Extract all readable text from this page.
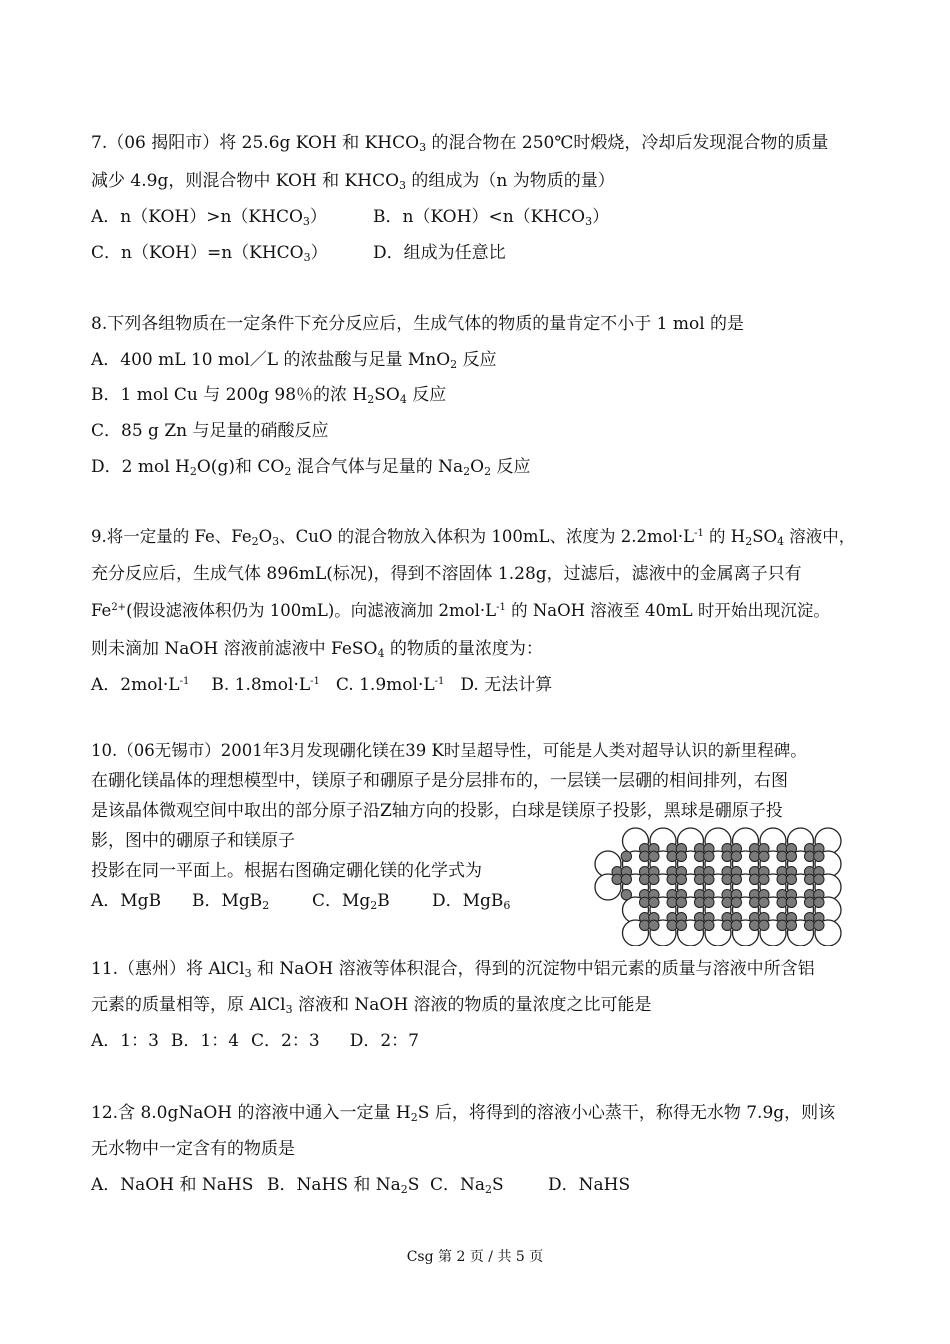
7.（06 揭阳市）将 25.6g KOH 和 $KHCO_3$ 的混合物在 250℃时煅烧，冷却后发现混合物的质量
减少 4.9g，则混合物中 KOH 和 $KHCO_3$ 的组成为（n 为物质的量）
A．$n(KOH)>n(KHCO_3)$	B．$n(KOH)<n(KHCO_3)$
C．$n(KOH)=n(KHCO_3)$	D．组成为任意比
8.下列各组物质在一定条件下充分反应后，生成气体的物质的量肯定不小于 1 mol 的是
A．400 mL 10 mol／L 的浓盐酸与足量 MnO$_2$ 反应
B．1 mol Cu 与 200g 98％的浓 $H_2SO_4$ 反应
C．85 g Zn 与足量的硝酸反应
D．2 mol $H_2O(g)$和 $CO_2$ 混合气体与足量的 $Na_2O_2$ 反应
9.将一定量的 Fe、$Fe_2O_3$、CuO 的混合物放入体积为 100mL、浓度为 $2.2mol\cdot L^{-1}$ 的 $H_2SO_4$ 溶液中，
充分反应后，生成气体 896mL(标况)，得到不溶固体 1.28g，过滤后，滤液中的金属离子只有
$Fe^{2+}$(假设滤液体积仍为 100mL)。向滤液滴加 $2mol\cdot L^{-1}$ 的 NaOH 溶液至 40mL 时开始出现沉淀。
则未滴加 NaOH 溶液前滤液中 FeSO$_4$ 的物质的量浓度为：
A．$2mol\cdot L^{-1}$ B. $1.8mol\cdot L^{-1}$ C. $1.9mol\cdot L^{-1}$ D. 无法计算
10.（06无锡市）2001年3月发现硼化镁在39 K时呈超导性，可能是人类对超导认识的新里程碑。
在硼化镁晶体的理想模型中，镁原子和硼原子是分层排布的，一层镁一层硼的相间排列，右图
是该晶体微观空间中取出的部分原子沿Z轴方向的投影，白球是镁原子投影，黑球是硼原子投
影，图中的硼原子和镁原子
投影在同一平面上。根据右图确定硼化镁的化学式为
A．MgB B．MgB$_2$	C．$Mg_2B$ D．MgB$_6$
11.（惠州）将 AlCl$_3$ 和 NaOH 溶液等体积混合，得到的沉淀物中铝元素的质量与溶液中所含铝
元素的质量相等，原 AlCl$_3$ 溶液和 NaOH 溶液的物质的量浓度之比可能是
A．1：3 B．1：4 C．2：3 D．2：7
12.含 8.0gNaOH 的溶液中通入一定量 $H_2S$ 后，将得到的溶液小心蒸干，称得无水物 7.9g，则该
无水物中一定含有的物质是
A．NaOH 和 NaHS B．NaHS 和 $Na_2S$ C．$Na_2S$	D．NaHS
Csg 第 2 页 / 共 5 页
